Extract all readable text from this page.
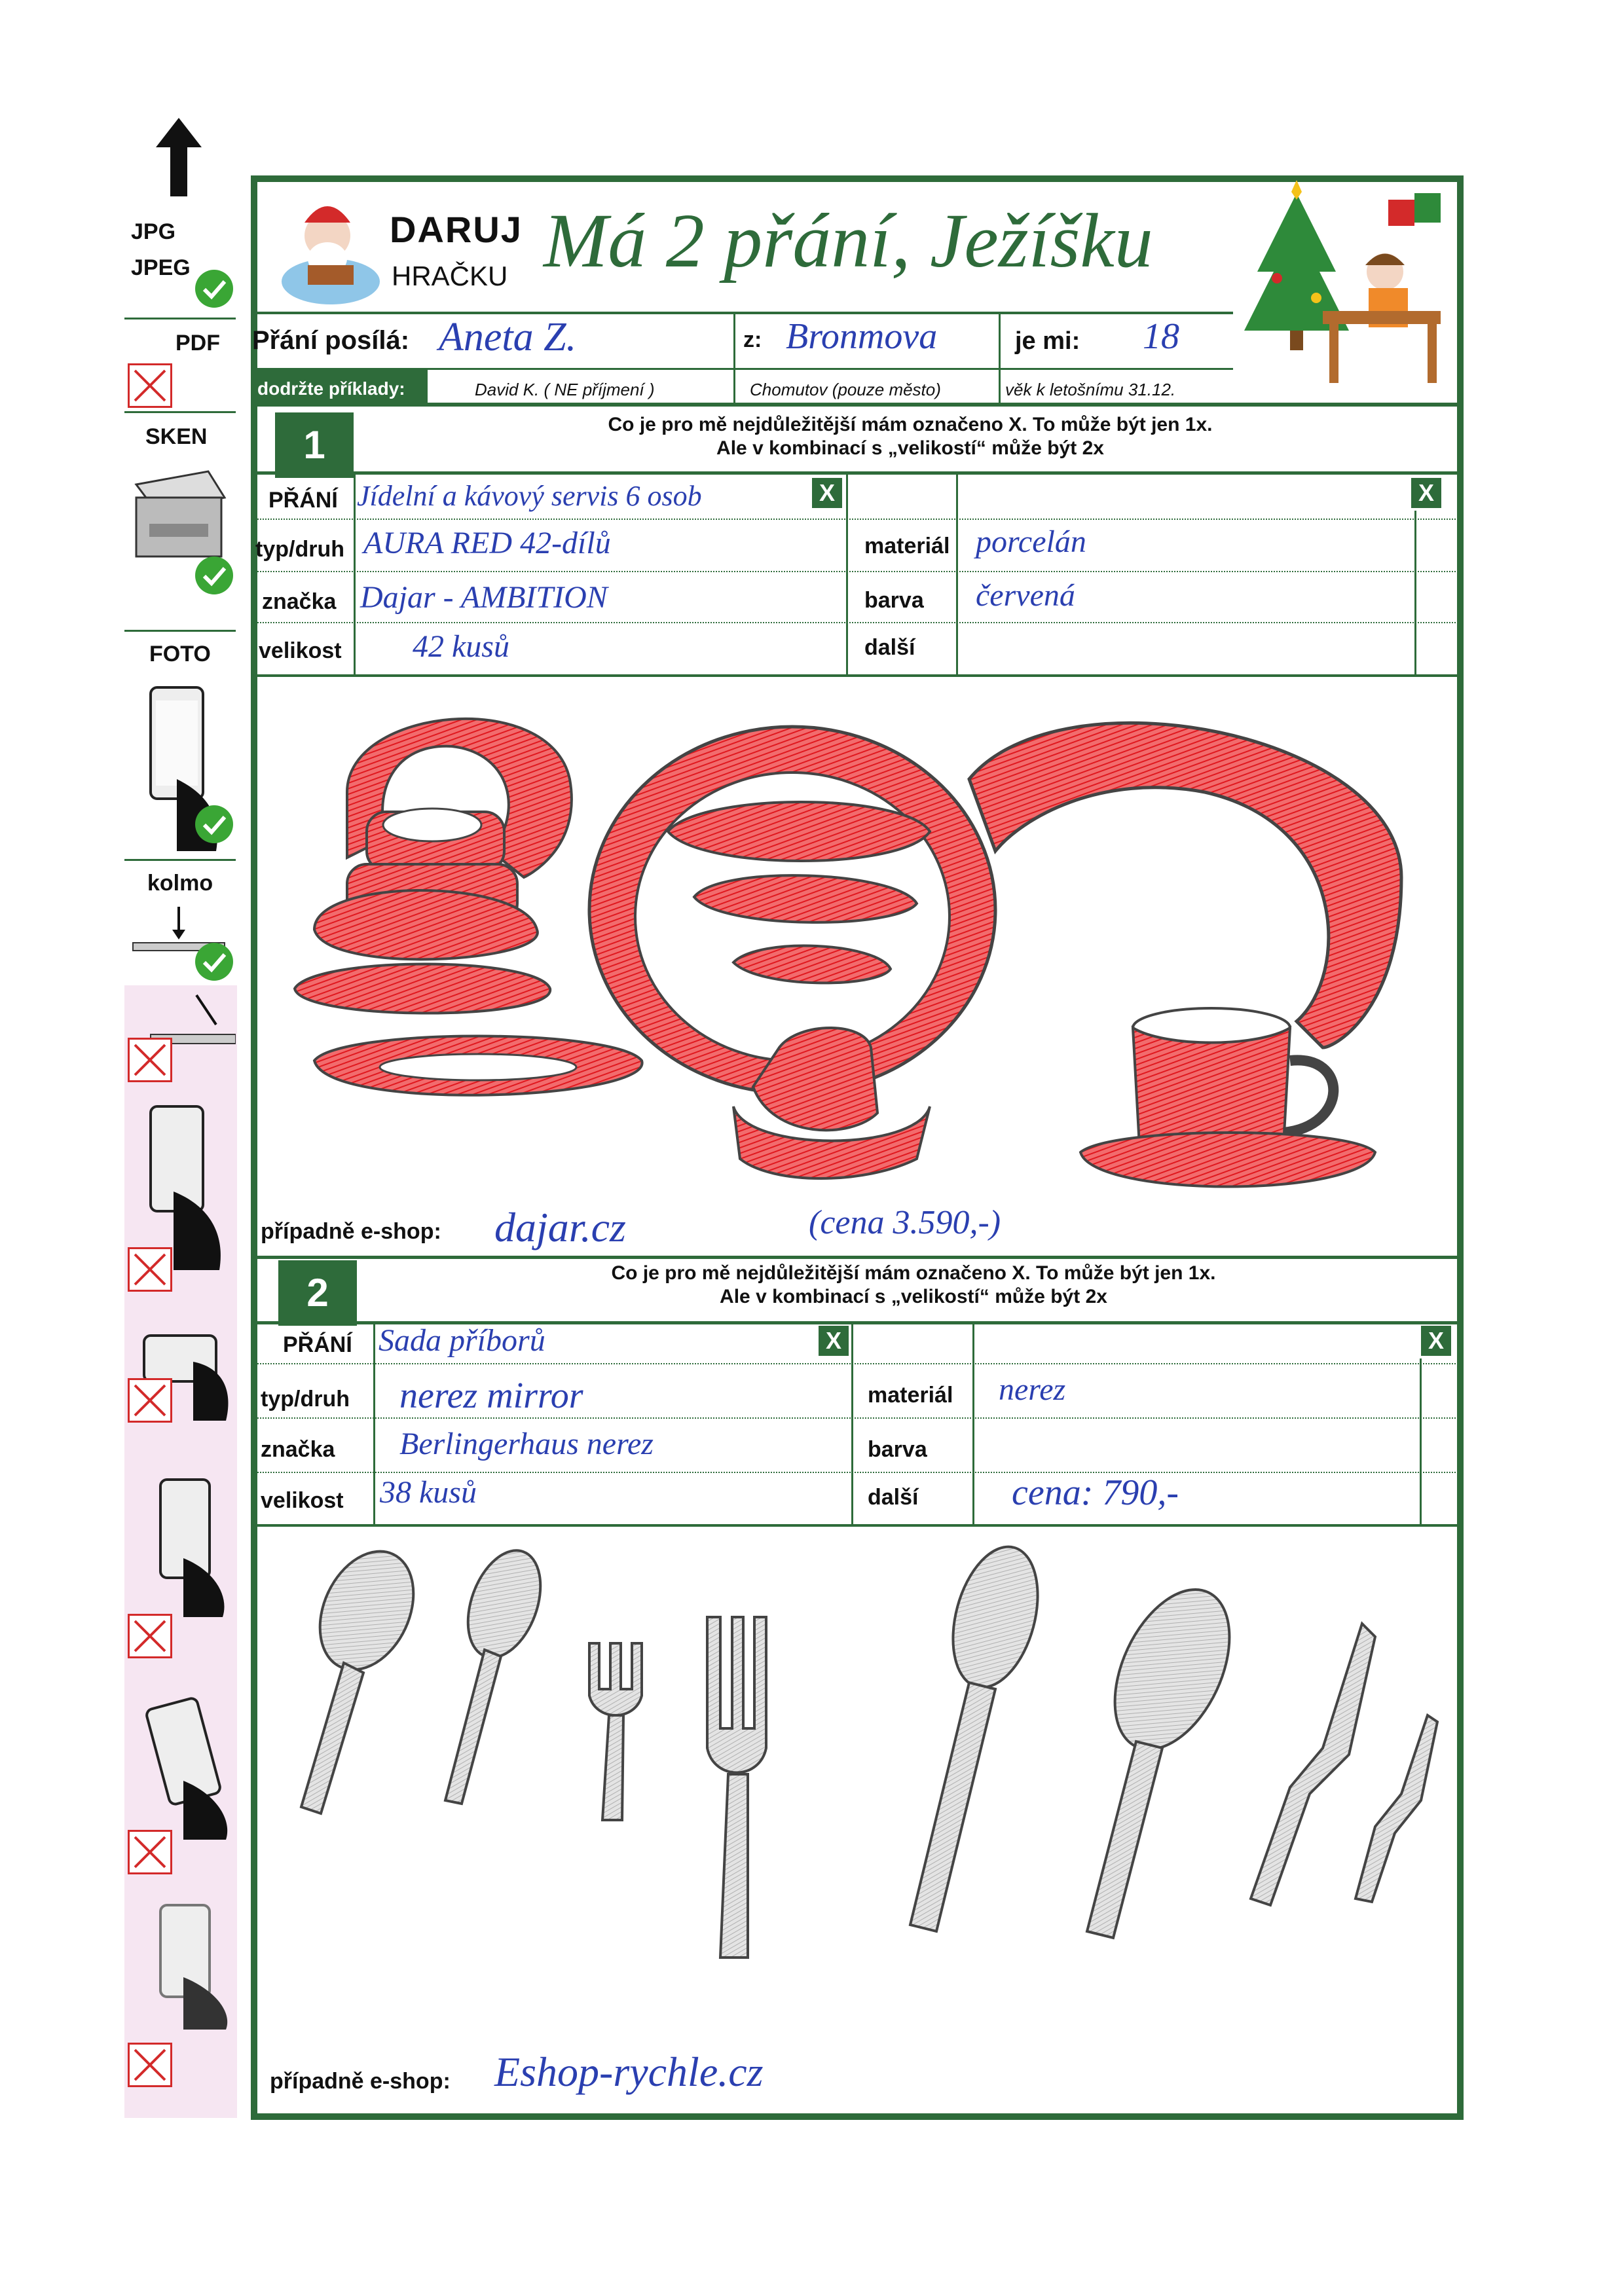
JPG
JPEG
PDF
SKEN
FOTO
kolmo
DARUJ
HRAČKU Má 2 přání, Ježíšku
Přání posílá: Aneta Z.	z: Bronmova	je mi: 18
dodržte příklady:	David K. ( NE příjmení )	Chomutov (pouze město)	věk k letošnímu 31.12.
1	Co je pro mě nejdůležitější mám označeno X. To může být jen 1x.
Ale v kombinací s „velikostí“ může být 2x
PŘÁNÍ Jídelní a kávový servis 6 osob	X	X
typ/druh AURA RED 42-dílů	materiál porcelán
značka Dajar - AMBITION	barva červená
velikost 42 kusů	další
případně e-shop: dajar.cz	(cena 3.590,-)
2	Co je pro mě nejdůležitější mám označeno X. To může být jen 1x.
Ale v kombinací s „velikostí“ může být 2x
PŘÁNÍ Sada příborů	X	X
typ/druh nerez mirror	materiál nerez
značka Berlingerhaus nerez	barva
velikost 38 kusů	další	cena: 790,-
případně e-shop: Eshop-rychle.cz
